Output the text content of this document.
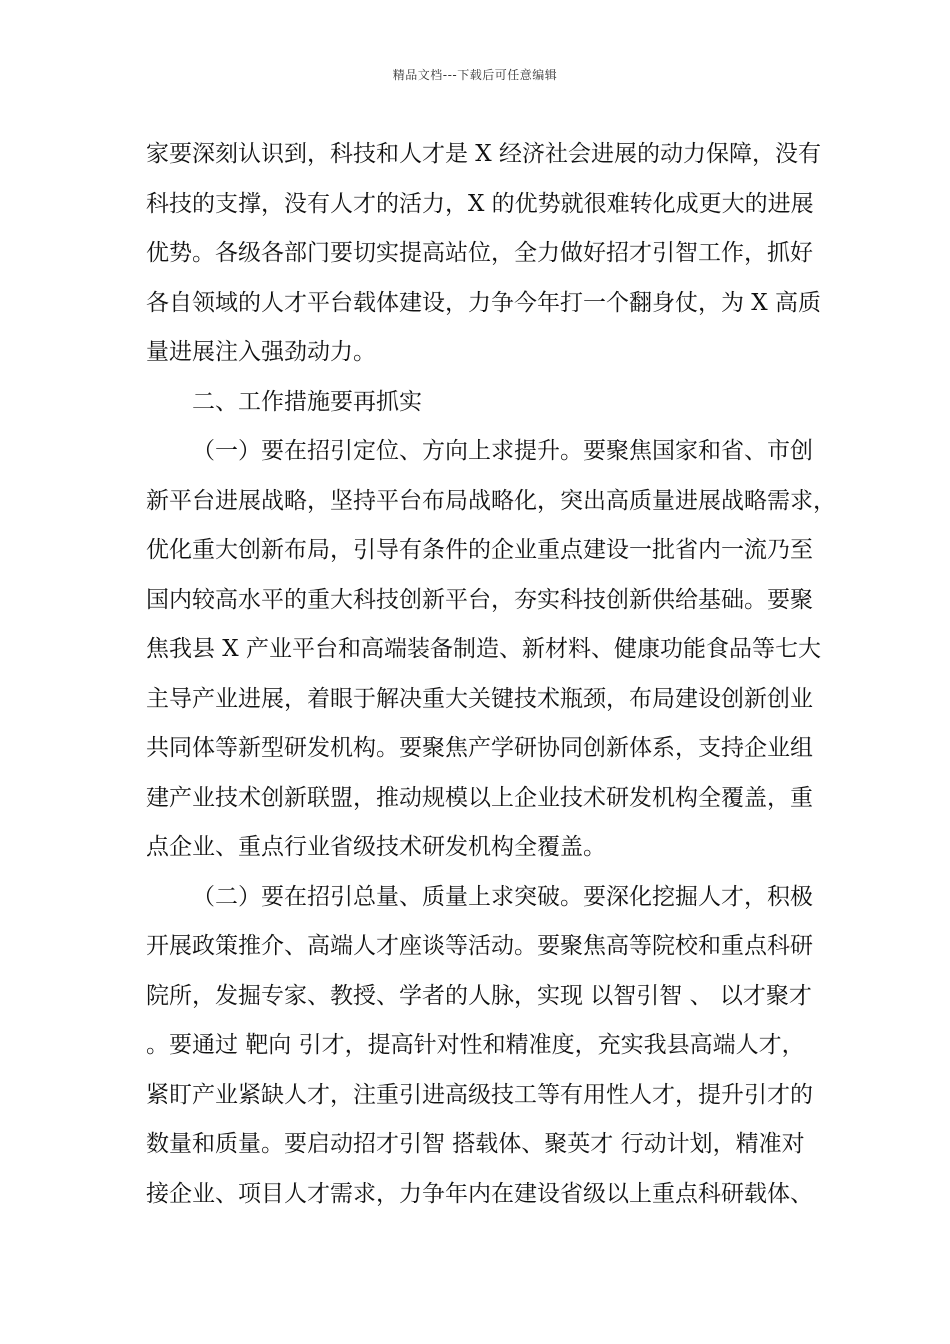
精品文档---下载后可任意编辑
家要深刻认识到，科技和人才是 X 经济社会进展的动力保障，没有
科技的支撑，没有人才的活力，X 的优势就很难转化成更大的进展
优势。各级各部门要切实提高站位，全力做好招才引智工作，抓好
各自领域的人才平台载体建设，力争今年打一个翻身仗，为 X 高质
量进展注入强劲动力。
二、工作措施要再抓实
（一）要在招引定位、方向上求提升。要聚焦国家和省、市创
新平台进展战略，坚持平台布局战略化，突出高质量进展战略需求，
优化重大创新布局，引导有条件的企业重点建设一批省内一流乃至
国内较高水平的重大科技创新平台，夯实科技创新供给基础。要聚
焦我县 X 产业平台和高端装备制造、新材料、健康功能食品等七大
主导产业进展，着眼于解决重大关键技术瓶颈，布局建设创新创业
共同体等新型研发机构。要聚焦产学研协同创新体系，支持企业组
建产业技术创新联盟，推动规模以上企业技术研发机构全覆盖，重
点企业、重点行业省级技术研发机构全覆盖。
（二）要在招引总量、质量上求突破。要深化挖掘人才，积极
开展政策推介、高端人才座谈等活动。要聚焦高等院校和重点科研
院所，发掘专家、教授、学者的人脉，实现 以智引智 、 以才聚才
。要通过 靶向 引才，提高针对性和精准度，充实我县高端人才，
紧盯产业紧缺人才，注重引进高级技工等有用性人才，提升引才的
数量和质量。要启动招才引智 搭载体、聚英才 行动计划，精准对
接企业、项目人才需求，力争年内在建设省级以上重点科研载体、
